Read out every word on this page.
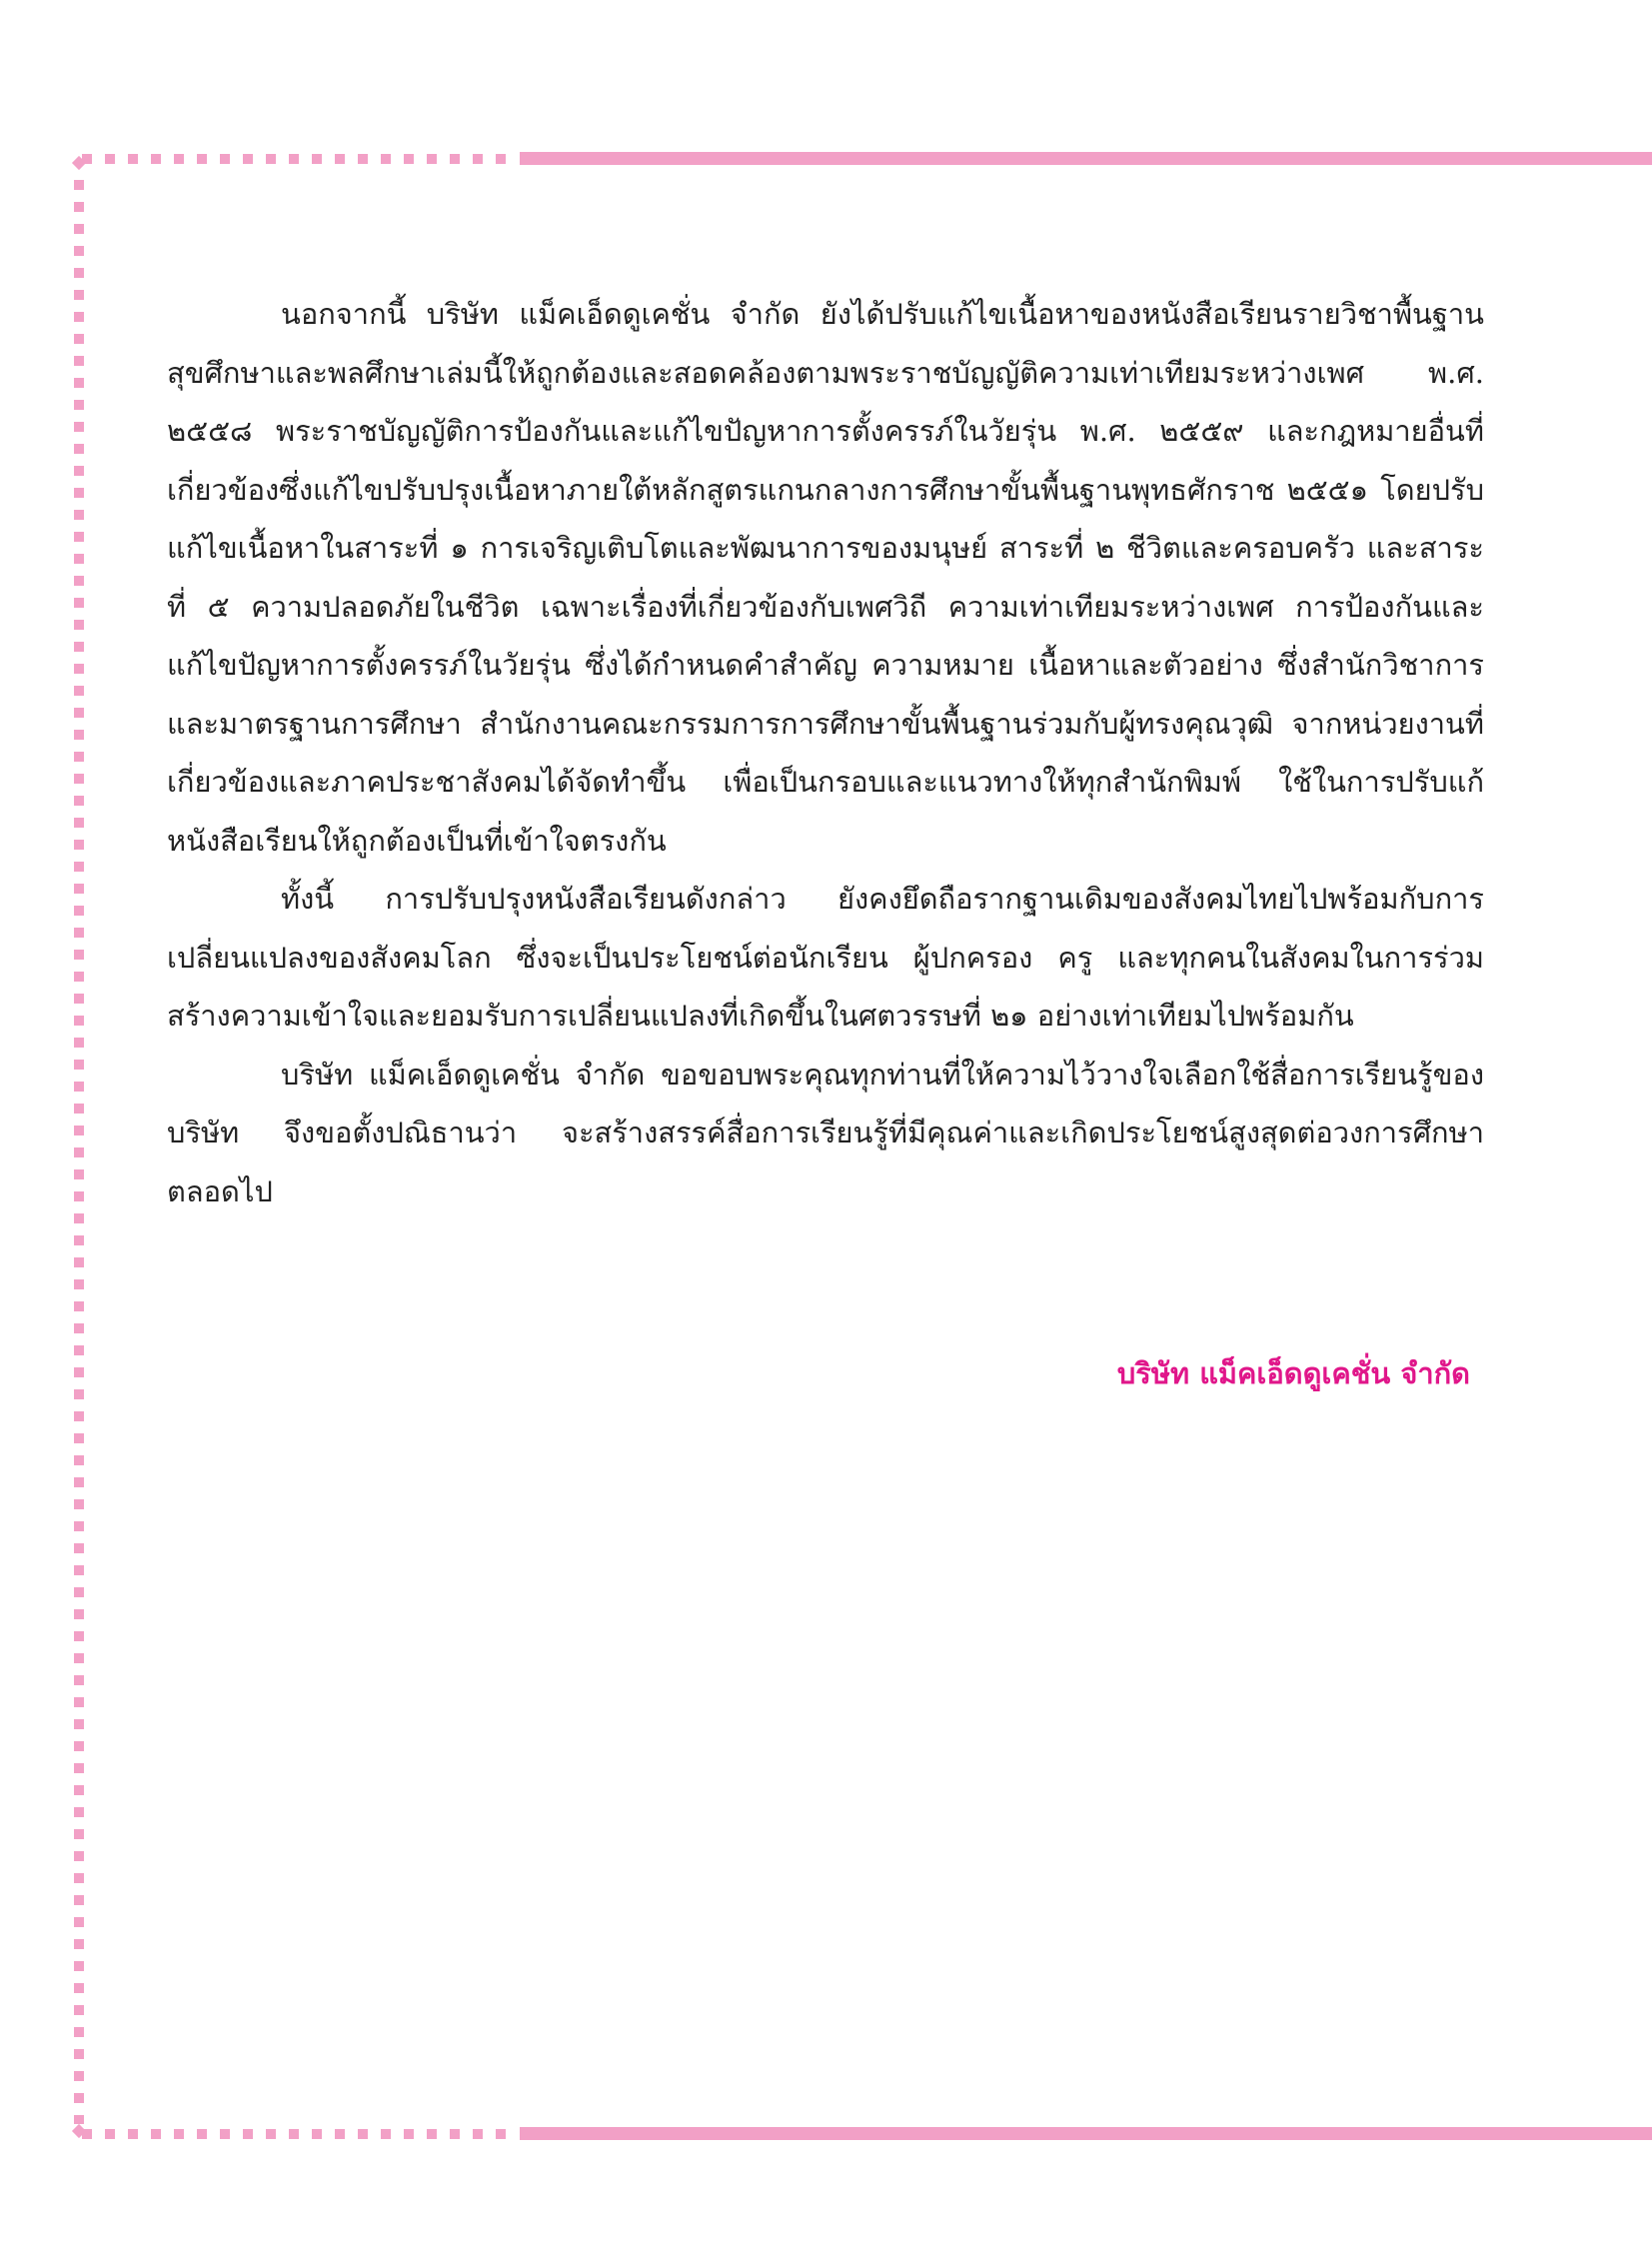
นอกจากนี้ บริษัท แม็คเอ็ดดูเคชั่น จำกัด ยังได้ปรับแก้ไขเนื้อหาของหนังสือเรียนรายวิชาพื้นฐานสุขศึกษาและพลศึกษาเล่มนี้ให้ถูกต้องและสอดคล้องตามพระราชบัญญัติความเท่าเทียมระหว่างเพศ พ.ศ. ๒๕๕๘ พระราชบัญญัติการป้องกันและแก้ไขปัญหาการตั้งครรภ์ในวัยรุ่น พ.ศ. ๒๕๕๙ และกฎหมายอื่นที่เกี่ยวข้องซึ่งแก้ไขปรับปรุงเนื้อหาภายใต้หลักสูตรแกนกลางการศึกษาขั้นพื้นฐานพุทธศักราช ๒๕๕๑ โดยปรับแก้ไขเนื้อหาในสาระที่ ๑ การเจริญเติบโตและพัฒนาการของมนุษย์ สาระที่ ๒ ชีวิตและครอบครัว และสาระที่ ๕ ความปลอดภัยในชีวิต เฉพาะเรื่องที่เกี่ยวข้องกับเพศวิถี ความเท่าเทียมระหว่างเพศ การป้องกันและแก้ไขปัญหาการตั้งครรภ์ในวัยรุ่น ซึ่งได้กำหนดคำสำคัญ ความหมาย เนื้อหาและตัวอย่าง ซึ่งสำนักวิชาการและมาตรฐานการศึกษา สำนักงานคณะกรรมการการศึกษาขั้นพื้นฐานร่วมกับผู้ทรงคุณวุฒิ จากหน่วยงานที่เกี่ยวข้องและภาคประชาสังคมได้จัดทำขึ้น เพื่อเป็นกรอบและแนวทางให้ทุกสำนักพิมพ์ ใช้ในการปรับแก้หนังสือเรียนให้ถูกต้องเป็นที่เข้าใจตรงกัน

ทั้งนี้ การปรับปรุงหนังสือเรียนดังกล่าว ยังคงยึดถือรากฐานเดิมของสังคมไทยไปพร้อมกับการเปลี่ยนแปลงของสังคมโลก ซึ่งจะเป็นประโยชน์ต่อนักเรียน ผู้ปกครอง ครู และทุกคนในสังคมในการร่วมสร้างความเข้าใจและยอมรับการเปลี่ยนแปลงที่เกิดขึ้นในศตวรรษที่ ๒๑ อย่างเท่าเทียมไปพร้อมกัน

บริษัท แม็คเอ็ดดูเคชั่น จำกัด ขอขอบพระคุณทุกท่านที่ให้ความไว้วางใจเลือกใช้สื่อการเรียนรู้ของบริษัท จึงขอตั้งปณิธานว่า จะสร้างสรรค์สื่อการเรียนรู้ที่มีคุณค่าและเกิดประโยชน์สูงสุดต่อวงการศึกษาตลอดไป

บริษัท แม็คเอ็ดดูเคชั่น จำกัด
